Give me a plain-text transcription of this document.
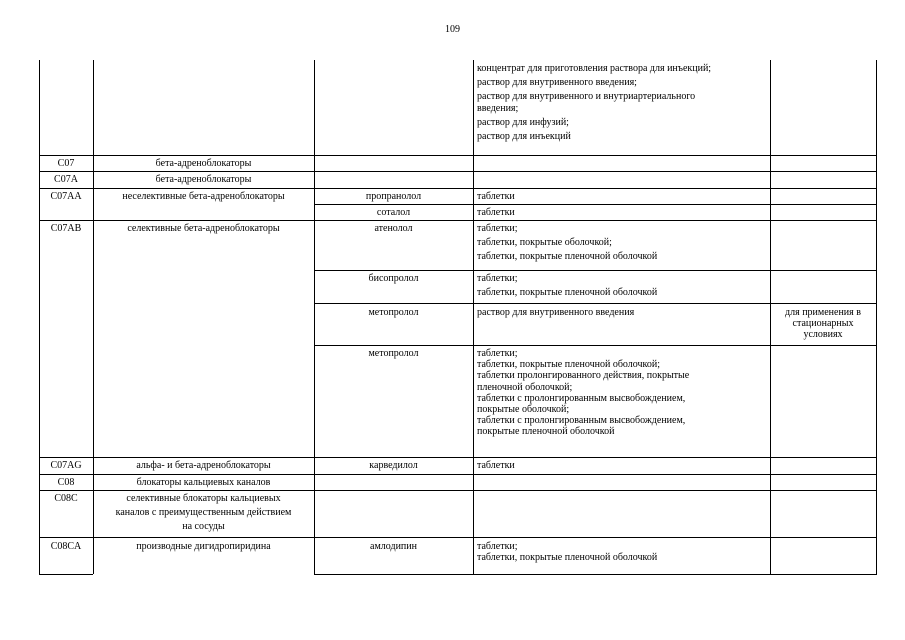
109
концентрат для приготовления раствора для инъекций;
раствор для внутривенного введения;
раствор для внутривенного и внутриартериального
введения;
раствор для инфузий;
раствор для инъекций
C07	бета-адреноблокаторы
C07A	бета-адреноблокаторы
C07AA	неселективные бета-адреноблокаторы	пропранолол	таблетки
соталол	таблетки
C07AB	селективные бета-адреноблокаторы	атенолол	таблетки;
таблетки, покрытые оболочкой;
таблетки, покрытые пленочной оболочкой
бисопролол	таблетки;
таблетки, покрытые пленочной оболочкой
метопролол	раствор для внутривенного введения	для применения в
стационарных
условиях
метопролол	таблетки;
таблетки, покрытые пленочной оболочкой;
таблетки пролонгированного действия, покрытые
пленочной оболочкой;
таблетки с пролонгированным высвобождением,
покрытые оболочкой;
таблетки с пролонгированным высвобождением,
покрытые пленочной оболочкой
C07AG	альфа- и бета-адреноблокаторы	карведилол	таблетки
C08	блокаторы кальциевых каналов
C08C	селективные блокаторы кальциевых
каналов с преимущественным действием
на сосуды
C08CA	производные дигидропиридина	амлодипин	таблетки;
таблетки, покрытые пленочной оболочкой
